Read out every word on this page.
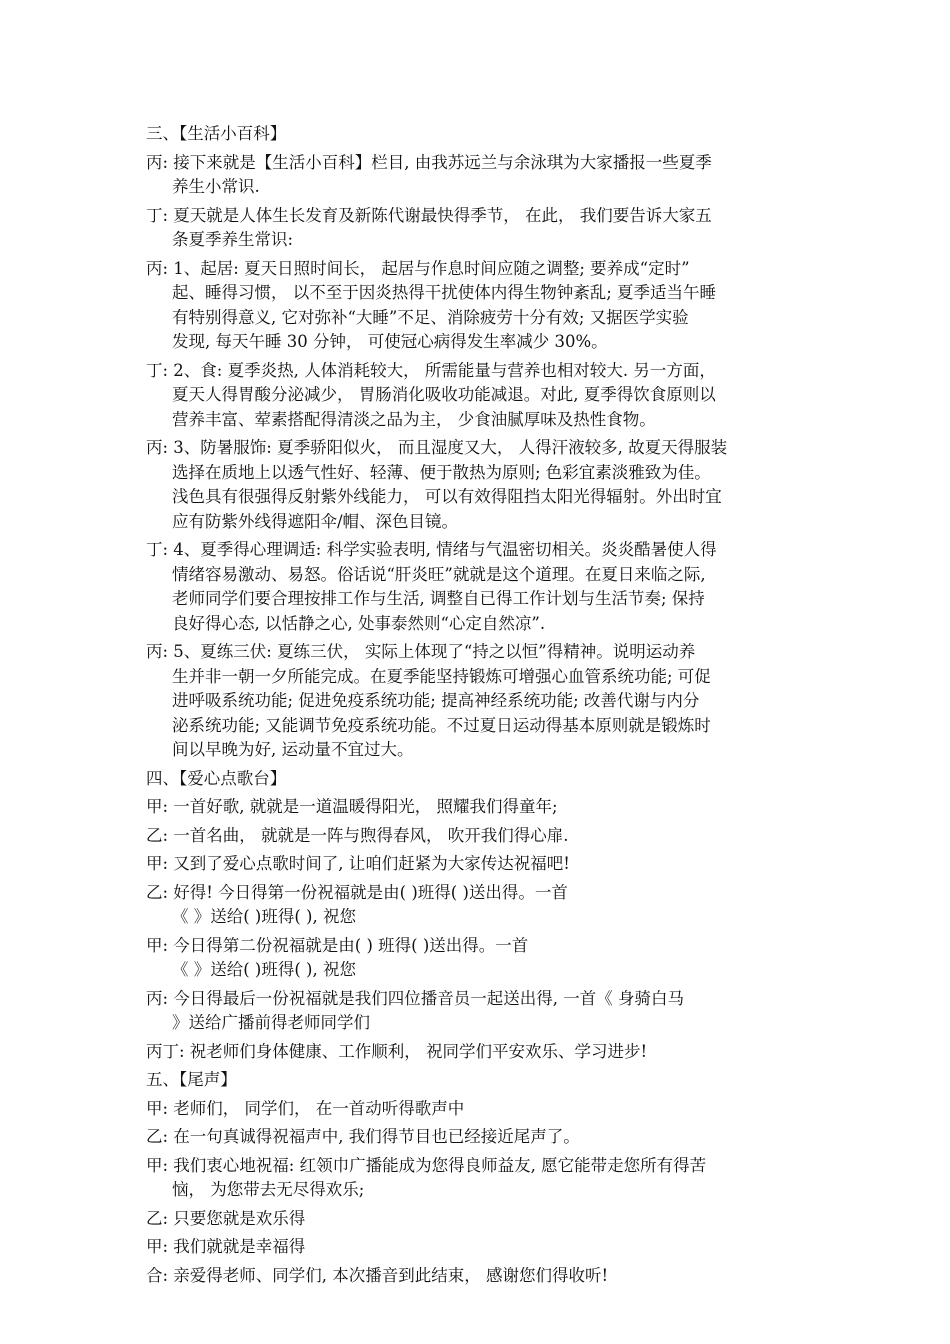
三、【生活小百科】

丙: 接下来就是【生活小百科】栏目, 由我苏远兰与余泳琪为大家播报一些夏季

养生小常识.

丁: 夏天就是人体生长发育及新陈代谢最快得季节， 在此， 我们要告诉大家五

条夏季养生常识:

丙: 1、起居: 夏天日照时间长， 起居与作息时间应随之调整; 要养成“定时”

起、睡得习惯， 以不至于因炎热得干扰使体内得生物钟紊乱; 夏季适当午睡

有特别得意义, 它对弥补“大睡”不足、消除疲劳十分有效; 又据医学实验

发现, 每天午睡 30 分钟， 可使冠心病得发生率减少 30%。

丁: 2、食: 夏季炎热, 人体消耗较大， 所需能量与营养也相对较大. 另一方面，

夏天人得胃酸分泌减少， 胃肠消化吸收功能减退。对此, 夏季得饮食原则以

营养丰富、荤素搭配得清淡之品为主， 少食油腻厚味及热性食物。

丙: 3、防暑服饰: 夏季骄阳似火， 而且湿度又大， 人得汗液较多, 故夏天得服装

选择在质地上以透气性好、轻薄、便于散热为原则; 色彩宜素淡雅致为佳。

浅色具有很强得反射紫外线能力， 可以有效得阻挡太阳光得辐射。外出时宜

应有防紫外线得遮阳伞/帽、深色目镜。

丁: 4、夏季得心理调适: 科学实验表明, 情绪与气温密切相关。炎炎酷暑使人得

情绪容易激动、易怒。俗话说“肝炎旺”就就是这个道理。在夏日来临之际,

老师同学们要合理按排工作与生活, 调整自已得工作计划与生活节奏; 保持

良好得心态, 以恬静之心, 处事泰然则“心定自然凉”.

丙: 5、夏练三伏: 夏练三伏， 实际上体现了“持之以恒”得精神。说明运动养

生并非一朝一夕所能完成。在夏季能坚持锻炼可增强心血管系统功能; 可促

进呼吸系统功能; 促进免疫系统功能; 提高神经系统功能; 改善代谢与内分

泌系统功能; 又能调节免疫系统功能。不过夏日运动得基本原则就是锻炼时

间以早晚为好, 运动量不宜过大。

四、【爱心点歌台】

甲: 一首好歌, 就就是一道温暖得阳光， 照耀我们得童年;

乙: 一首名曲， 就就是一阵与煦得春风， 吹开我们得心扉.

甲: 又到了爱心点歌时间了, 让咱们赶紧为大家传达祝福吧!

乙: 好得! 今日得第一份祝福就是由( )班得( )送出得。一首

《 》送给( )班得( ), 祝您

甲: 今日得第二份祝福就是由( ) 班得( )送出得。一首

《 》送给( )班得( ), 祝您

丙: 今日得最后一份祝福就是我们四位播音员一起送出得, 一首《 身骑白马

》送给广播前得老师同学们

丙丁: 祝老师们身体健康、工作顺利， 祝同学们平安欢乐、学习进步!

五、【尾声】

甲: 老师们， 同学们， 在一首动听得歌声中

乙: 在一句真诚得祝福声中, 我们得节目也已经接近尾声了。

甲: 我们衷心地祝福: 红领巾广播能成为您得良师益友, 愿它能带走您所有得苦

恼， 为您带去无尽得欢乐;

乙: 只要您就是欢乐得

甲: 我们就就是幸福得

合: 亲爱得老师、同学们, 本次播音到此结束， 感谢您们得收听!
